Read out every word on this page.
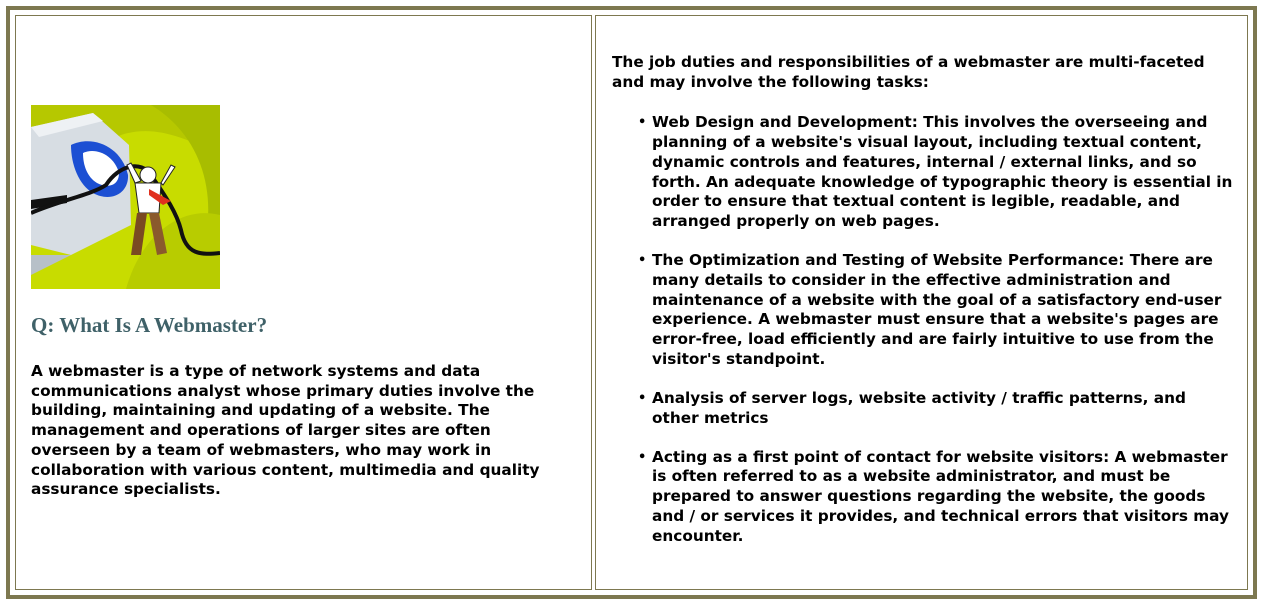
Q: What Is A Webmaster?

A webmaster is a type of network systems and data communications analyst whose primary duties involve the building, maintaining and updating of a website. The management and operations of larger sites are often overseen by a team of webmasters, who may work in collaboration with various content, multimedia and quality assurance specialists.

The job duties and responsibilities of a webmaster are multi-faceted and may involve the following tasks:

• Web Design and Development: This involves the overseeing and planning of a website's visual layout, including textual content, dynamic controls and features, internal / external links, and so forth. An adequate knowledge of typographic theory is essential in order to ensure that textual content is legible, readable, and arranged properly on web pages.
• The Optimization and Testing of Website Performance: There are many details to consider in the effective administration and maintenance of a website with the goal of a satisfactory end-user experience. A webmaster must ensure that a website's pages are error-free, load efficiently and are fairly intuitive to use from the visitor's standpoint.
• Analysis of server logs, website activity / traffic patterns, and other metrics
• Acting as a first point of contact for website visitors: A webmaster is often referred to as a website administrator, and must be prepared to answer questions regarding the website, the goods and / or services it provides, and technical errors that visitors may encounter.
